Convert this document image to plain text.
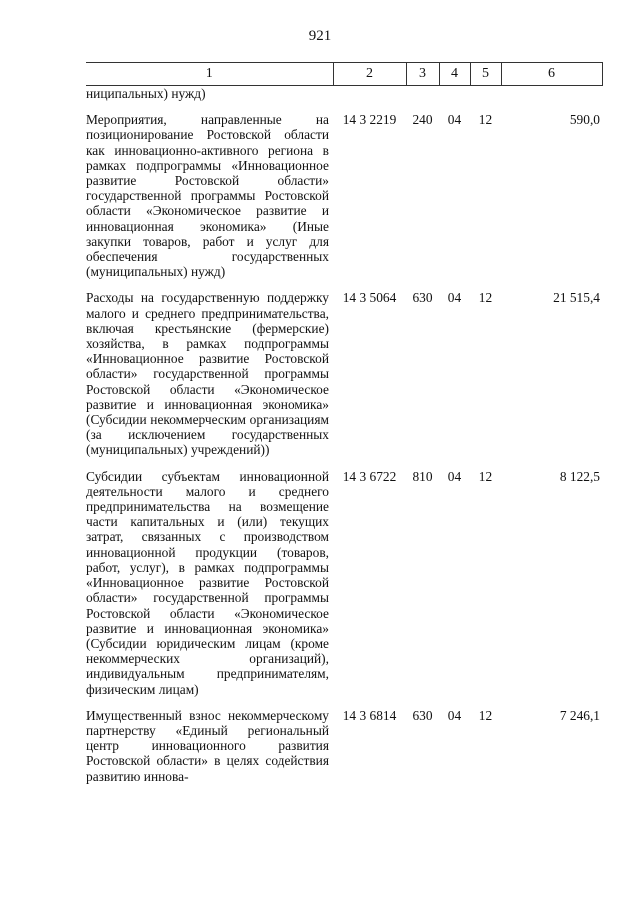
921
1	2	3	4	5	6
ниципальных) нужд)					
Мероприятия, направленные на позиционирование Ростовской области как инновационно-активного региона в рамках подпрограммы «Инновационное развитие Ростовской области» государственной программы Ростовской области «Экономическое развитие и инновационная экономика» (Иные закупки товаров, работ и услуг для обеспечения государственных (муниципальных) нужд)	14 3 2219	240	04	12	590,0
Расходы на государственную поддержку малого и среднего предпринимательства, включая крестьянские (фермерские) хозяйства, в рамках подпрограммы «Инновационное развитие Ростовской области» государственной программы Ростовской области «Экономическое развитие и инновационная экономика» (Субсидии некоммерческим организациям (за исключением государственных (муниципальных) учреждений))	14 3 5064	630	04	12	21 515,4
Субсидии субъектам инновационной деятельности малого и среднего предпринимательства на возмещение части капитальных и (или) текущих затрат, связанных с производством инновационной продукции (товаров, работ, услуг), в рамках подпрограммы «Инновационное развитие Ростовской области» государственной программы Ростовской области «Экономическое развитие и инновационная экономика» (Субсидии юридическим лицам (кроме некоммерческих организаций), индивидуальным предпринимателям, физическим лицам)	14 3 6722	810	04	12	8 122,5
Имущественный взнос некоммерческому партнерству «Единый региональный центр инновационного развития Ростовской области» в целях содействия развитию иннова-	14 3 6814	630	04	12	7 246,1
